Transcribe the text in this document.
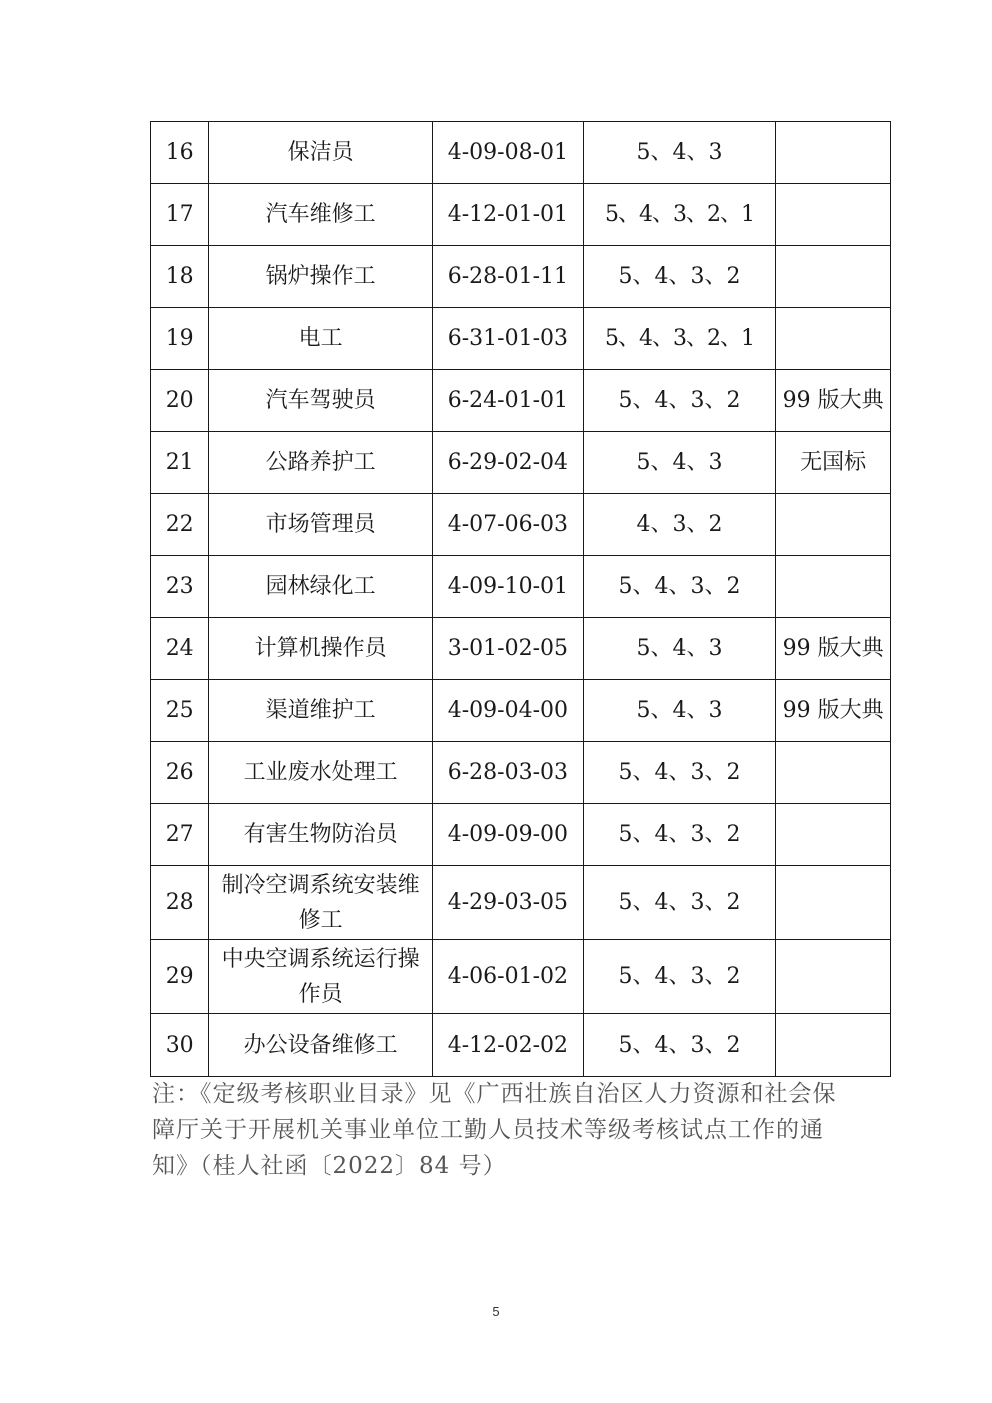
16	保洁员	4-09-08-01	5、4、3	
17	汽车维修工	4-12-01-01	5、4、3、2、1	
18	锅炉操作工	6-28-01-11	5、4、3、2	
19	电工	6-31-01-03	5、4、3、2、1	
20	汽车驾驶员	6-24-01-01	5、4、3、2	99 版大典
21	公路养护工	6-29-02-04	5、4、3	无国标
22	市场管理员	4-07-06-03	4、3、2	
23	园林绿化工	4-09-10-01	5、4、3、2	
24	计算机操作员	3-01-02-05	5、4、3	99 版大典
25	渠道维护工	4-09-04-00	5、4、3	99 版大典
26	工业废水处理工	6-28-03-03	5、4、3、2	
27	有害生物防治员	4-09-09-00	5、4、3、2	
28	制冷空调系统安装维修工	4-29-03-05	5、4、3、2	
29	中央空调系统运行操作员	4-06-01-02	5、4、3、2	
30	办公设备维修工	4-12-02-02	5、4、3、2	
注：《定级考核职业目录》见《广西壮族自治区人力资源和社会保障厅关于开展机关事业单位工勤人员技术等级考核试点工作的通知》（桂人社函〔2022〕84 号）
5
